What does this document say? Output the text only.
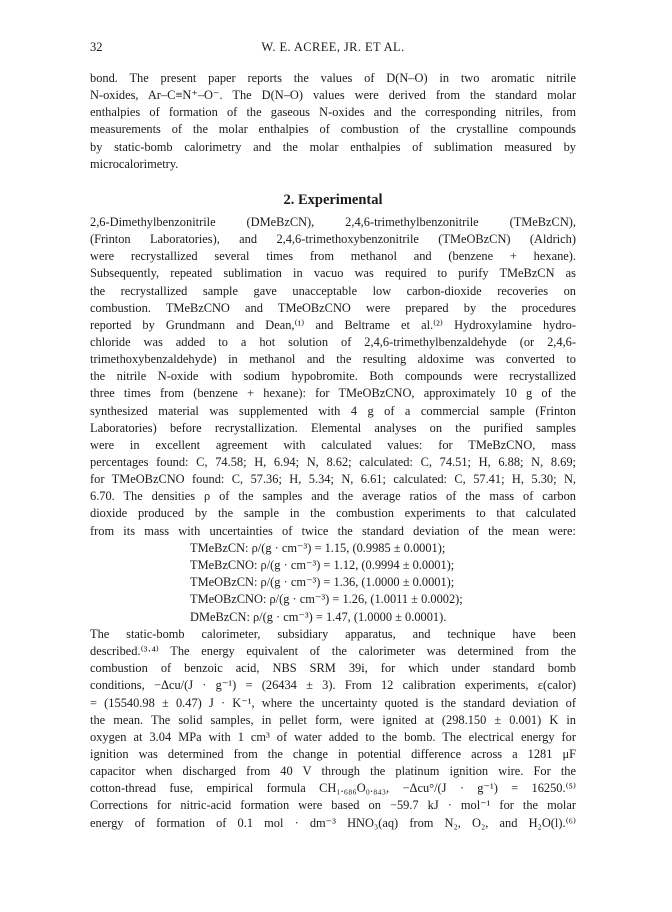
32	W. E. ACREE, JR. ET AL.
bond. The present paper reports the values of D(N–O) in two aromatic nitrile
N-oxides, Ar–C≡N⁺–O⁻. The D(N–O) values were derived from the standard molar
enthalpies of formation of the gaseous N-oxides and the corresponding nitriles, from
measurements of the molar enthalpies of combustion of the crystalline compounds
by static-bomb calorimetry and the molar enthalpies of sublimation measured by
microcalorimetry.
2. Experimental
2,6-Dimethylbenzonitrile (DMeBzCN), 2,4,6-trimethylbenzonitrile (TMeBzCN),
(Frinton Laboratories), and 2,4,6-trimethoxybenzonitrile (TMeOBzCN) (Aldrich)
were recrystallized several times from methanol and (benzene + hexane).
Subsequently, repeated sublimation in vacuo was required to purify TMeBzCN as
the recrystallized sample gave unacceptable low carbon-dioxide recoveries on
combustion. TMeBzCNO and TMeOBzCNO were prepared by the procedures
reported by Grundmann and Dean,⁽¹⁾ and Beltrame et al.⁽²⁾ Hydroxylamine hydro-
chloride was added to a hot solution of 2,4,6-trimethylbenzaldehyde (or 2,4,6-
trimethoxybenzaldehyde) in methanol and the resulting aldoxime was converted to
the nitrile N-oxide with sodium hypobromite. Both compounds were recrystallized
three times from (benzene + hexane): for TMeOBzCNO, approximately 10 g of the
synthesized material was supplemented with 4 g of a commercial sample (Frinton
Laboratories) before recrystallization. Elemental analyses on the purified samples
were in excellent agreement with calculated values: for TMeBzCNO, mass
percentages found: C, 74.58; H, 6.94; N, 8.62; calculated: C, 74.51; H, 6.88; N, 8.69;
for TMeOBzCNO found: C, 57.36; H, 5.34; N, 6.61; calculated: C, 57.41; H, 5.30; N,
6.70. The densities ρ of the samples and the average ratios of the mass of carbon
dioxide produced by the sample in the combustion experiments to that calculated
from its mass with uncertainties of twice the standard deviation of the mean were:
TMeBzCN: ρ/(g · cm⁻³) = 1.15, (0.9985 ± 0.0001);
TMeBzCNO: ρ/(g · cm⁻³) = 1.12, (0.9994 ± 0.0001);
TMeOBzCN: ρ/(g · cm⁻³) = 1.36, (1.0000 ± 0.0001);
TMeOBzCNO: ρ/(g · cm⁻³) = 1.26, (1.0011 ± 0.0002);
DMeBzCN: ρ/(g · cm⁻³) = 1.47, (1.0000 ± 0.0001).
The static-bomb calorimeter, subsidiary apparatus, and technique have been
described.⁽³·⁴⁾ The energy equivalent of the calorimeter was determined from the
combustion of benzoic acid, NBS SRM 39i, for which under standard bomb
conditions, −Δcu/(J · g⁻¹) = (26434 ± 3). From 12 calibration experiments, ε(calor)
= (15540.98 ± 0.47) J · K⁻¹, where the uncertainty quoted is the standard deviation of
the mean. The solid samples, in pellet form, were ignited at (298.150 ± 0.001) K in
oxygen at 3.04 MPa with 1 cm³ of water added to the bomb. The electrical energy for
ignition was determined from the change in potential difference across a 1281 μF
capacitor when discharged from 40 V through the platinum ignition wire. For the
cotton-thread fuse, empirical formula CH₁.₆₈₆O₀.₈₄₃, −Δcu°/(J · g⁻¹) = 16250.⁽⁵⁾
Corrections for nitric-acid formation were based on −59.7 kJ · mol⁻¹ for the molar
energy of formation of 0.1 mol · dm⁻³ HNO₃(aq) from N₂, O₂, and H₂O(l).⁽⁶⁾
